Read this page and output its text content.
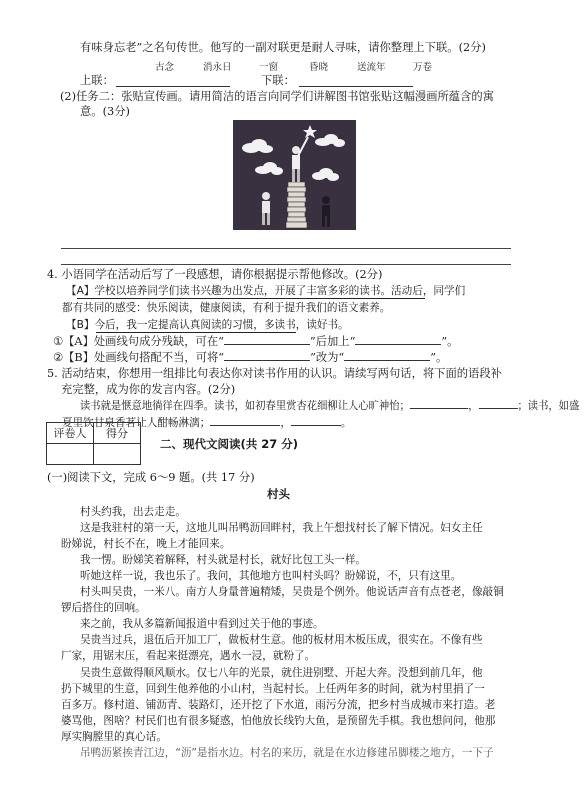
古念	消永日	一窗	昏晓	送流年	万卷
有味身忘老”之名句传世。他写的一副对联更是耐人寻味，请你整理上下联。(2分)
上联：	下联：
(2)任务二：张贴宣传画。请用简洁的语言向同学们讲解图书馆张贴这幅漫画所蕴含的寓
意。(3分)
4. 小语同学在活动后写了一段感想，请你根据提示帮他修改。(2分)
【A】学校以培养同学们读书兴趣为出发点，开展了丰富多彩的读书。活动后，同学们
都有共同的感受：快乐阅读，健康阅读，有利于提升我们的语文素养。
【B】今后，我一定提高认真阅读的习惯，多读书，读好书。
①【A】处画线句成分残缺，可在“	”后加上“	”。
②【B】处画线句搭配不当，可将“	”改为“	”。
5. 活动结束，你想用一组排比句表达你对读书作用的认识。请续写两句话，将下面的语段补
充完整，成为你的发言内容。(2分)
读书就是惬意地徜徉在四季。读书，如初春里赏杏花细柳让人心旷神怡；	，	；读书，如盛
夏里饮甘泉香茗让人酣畅淋漓；	，	。
评卷人	得分

二、现代文阅读(共 27 分)
(一)阅读下文，完成 6～9 题。(共 17 分)
村头
村头约我，出去走走。
这是我驻村的第一天，这地儿叫吊鸭沥回畔村，我上午想找村长了解下情况。妇女主任
盼娣说，村长不在，晚上才能回来。
我一愣。盼娣笑着解释，村头就是村长，就好比包工头一样。
听她这样一说，我也乐了。我问，其他地方也叫村头吗？盼娣说，不，只有这里。
村头叫吴贵，一米八。南方人身量普遍精矮，吴贵是个例外。他说话声音有点苍老，像敲铜
锣后搭住的回响。
来之前，我从多篇新闻报道中看到过关于他的事迹。
吴贵当过兵，退伍后开加工厂，做板材生意。他的板材用木板压成，很实在。不像有些
厂家，用锯末压，看起来挺漂亮，遇水一浸，就粉了。
吴贵生意做得顺风顺水。仅七八年的光景，就住进别墅、开起大奔。没想到前几年，他
扔下城里的生意，回到生他养他的小山村，当起村长。上任两年多的时间，就为村里捐了一
百多万。修村道、铺沥青、装路灯，还开挖了下水道，雨污分流，把乡村当成城市来打造。老
婆骂他，图啥？村民们也有很多疑惑，怕他放长线钓大鱼，是预留先手棋。我也想问问，他那
厚实胸膛里的真心话。
吊鸭沥紧挨青江边，“沥”是指水边。村名的来历，就是在水边修建吊脚楼之地方，一下子
